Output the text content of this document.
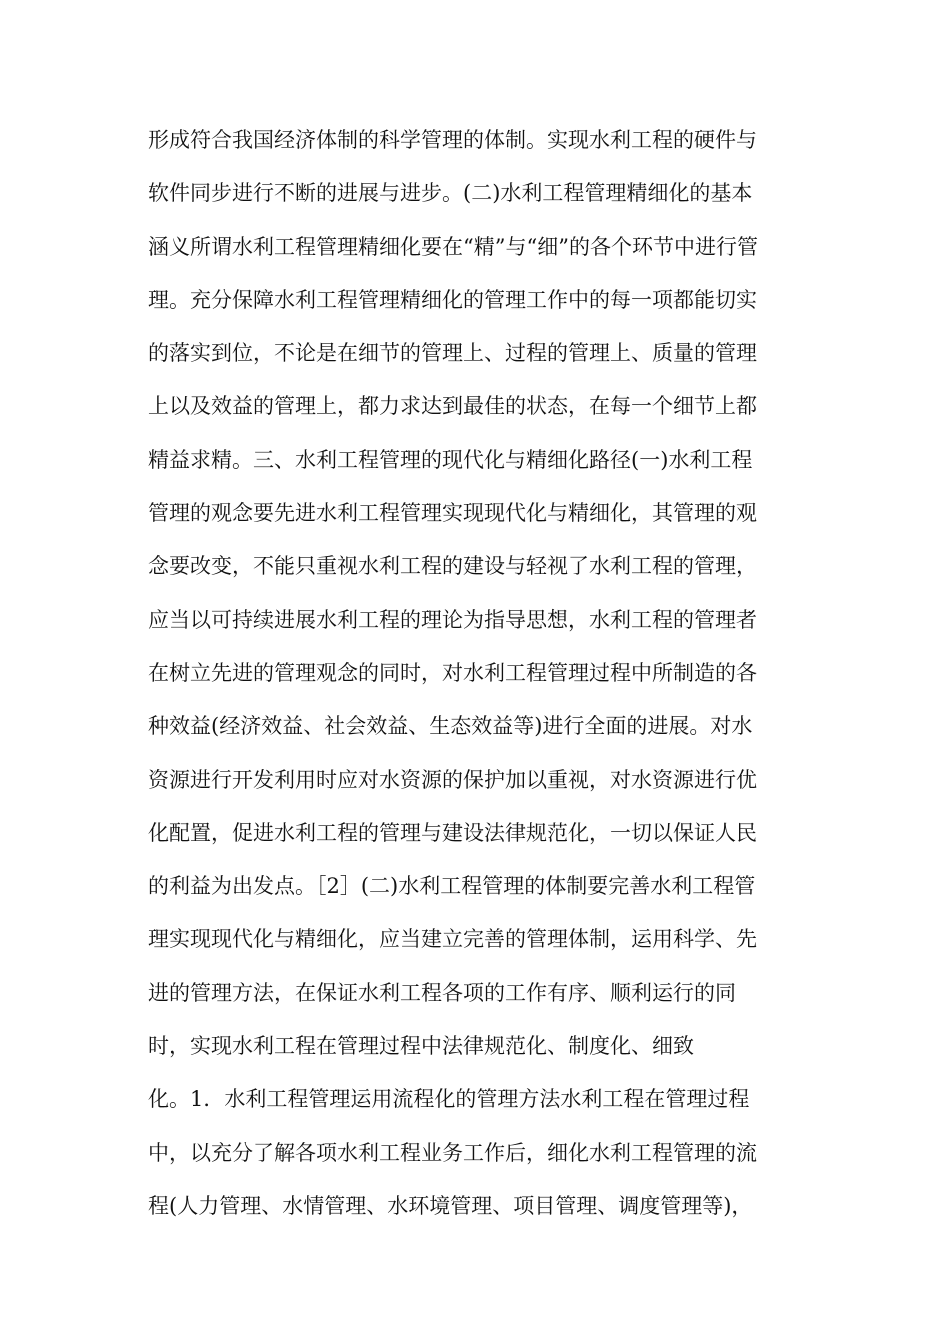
形成符合我国经济体制的科学管理的体制。实现水利工程的硬件与
软件同步进行不断的进展与进步。(二)水利工程管理精细化的基本
涵义所谓水利工程管理精细化要在“精”与“细”的各个环节中进行管
理。充分保障水利工程管理精细化的管理工作中的每一项都能切实
的落实到位，不论是在细节的管理上、过程的管理上、质量的管理
上以及效益的管理上，都力求达到最佳的状态，在每一个细节上都
精益求精。三、水利工程管理的现代化与精细化路径(一)水利工程
管理的观念要先进水利工程管理实现现代化与精细化，其管理的观
念要改变，不能只重视水利工程的建设与轻视了水利工程的管理，
应当以可持续进展水利工程的理论为指导思想，水利工程的管理者
在树立先进的管理观念的同时，对水利工程管理过程中所制造的各
种效益(经济效益、社会效益、生态效益等)进行全面的进展。对水
资源进行开发利用时应对水资源的保护加以重视，对水资源进行优
化配置，促进水利工程的管理与建设法律规范化，一切以保证人民
的利益为出发点。［2］(二)水利工程管理的体制要完善水利工程管
理实现现代化与精细化，应当建立完善的管理体制，运用科学、先
进的管理方法，在保证水利工程各项的工作有序、顺利运行的同
时，实现水利工程在管理过程中法律规范化、制度化、细致
化。1．水利工程管理运用流程化的管理方法水利工程在管理过程
中，以充分了解各项水利工程业务工作后，细化水利工程管理的流
程(人力管理、水情管理、水环境管理、项目管理、调度管理等)，
